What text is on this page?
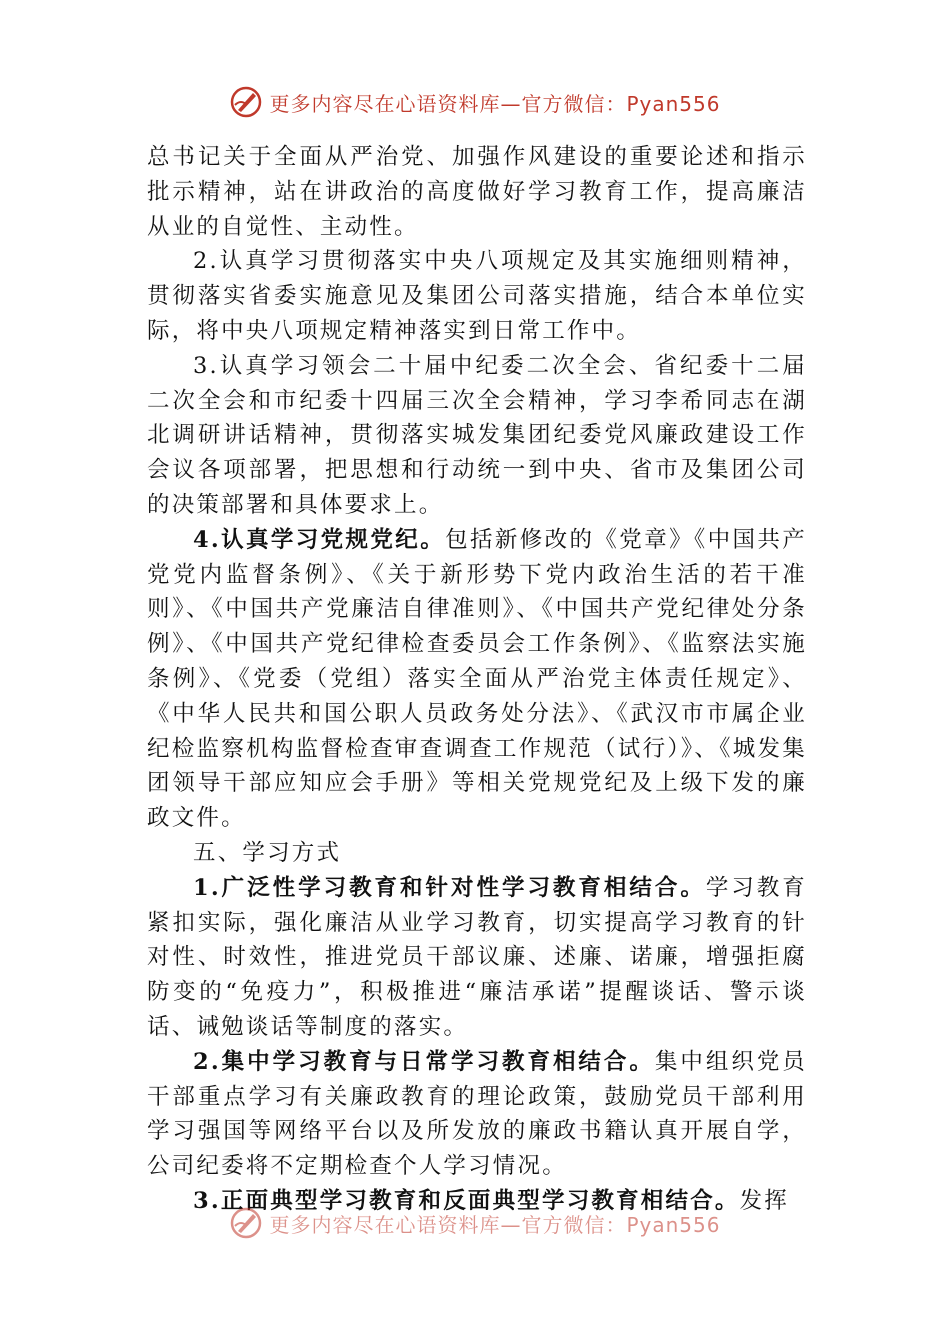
更多内容尽在心语资料库—官方微信：Pyan556

总书记关于全面从严治党、加强作风建设的重要论述和指示批示精神，站在讲政治的高度做好学习教育工作，提高廉洁从业的自觉性、主动性。

2.认真学习贯彻落实中央八项规定及其实施细则精神，贯彻落实省委实施意见及集团公司落实措施，结合本单位实际，将中央八项规定精神落实到日常工作中。

3.认真学习领会二十届中纪委二次全会、省纪委十二届二次全会和市纪委十四届三次全会精神，学习李希同志在湖北调研讲话精神，贯彻落实城发集团纪委党风廉政建设工作会议各项部署，把思想和行动统一到中央、省市及集团公司的决策部署和具体要求上。

4.认真学习党规党纪。包括新修改的《党章》《中国共产党党内监督条例》、《关于新形势下党内政治生活的若干准则》、《中国共产党廉洁自律准则》、《中国共产党纪律处分条例》、《中国共产党纪律检查委员会工作条例》、《监察法实施条例》、《党委（党组）落实全面从严治党主体责任规定》、《中华人民共和国公职人员政务处分法》、《武汉市市属企业纪检监察机构监督检查审查调查工作规范（试行）》、《城发集团领导干部应知应会手册》等相关党规党纪及上级下发的廉政文件。

五、学习方式

1.广泛性学习教育和针对性学习教育相结合。学习教育紧扣实际，强化廉洁从业学习教育，切实提高学习教育的针对性、时效性，推进党员干部议廉、述廉、诺廉，增强拒腐防变的“免疫力”，积极推进“廉洁承诺”提醒谈话、警示谈话、诫勉谈话等制度的落实。

2.集中学习教育与日常学习教育相结合。集中组织党员干部重点学习有关廉政教育的理论政策，鼓励党员干部利用学习强国等网络平台以及所发放的廉政书籍认真开展自学，公司纪委将不定期检查个人学习情况。

3.正面典型学习教育和反面典型学习教育相结合。发挥

更多内容尽在心语资料库—官方微信：Pyan556
